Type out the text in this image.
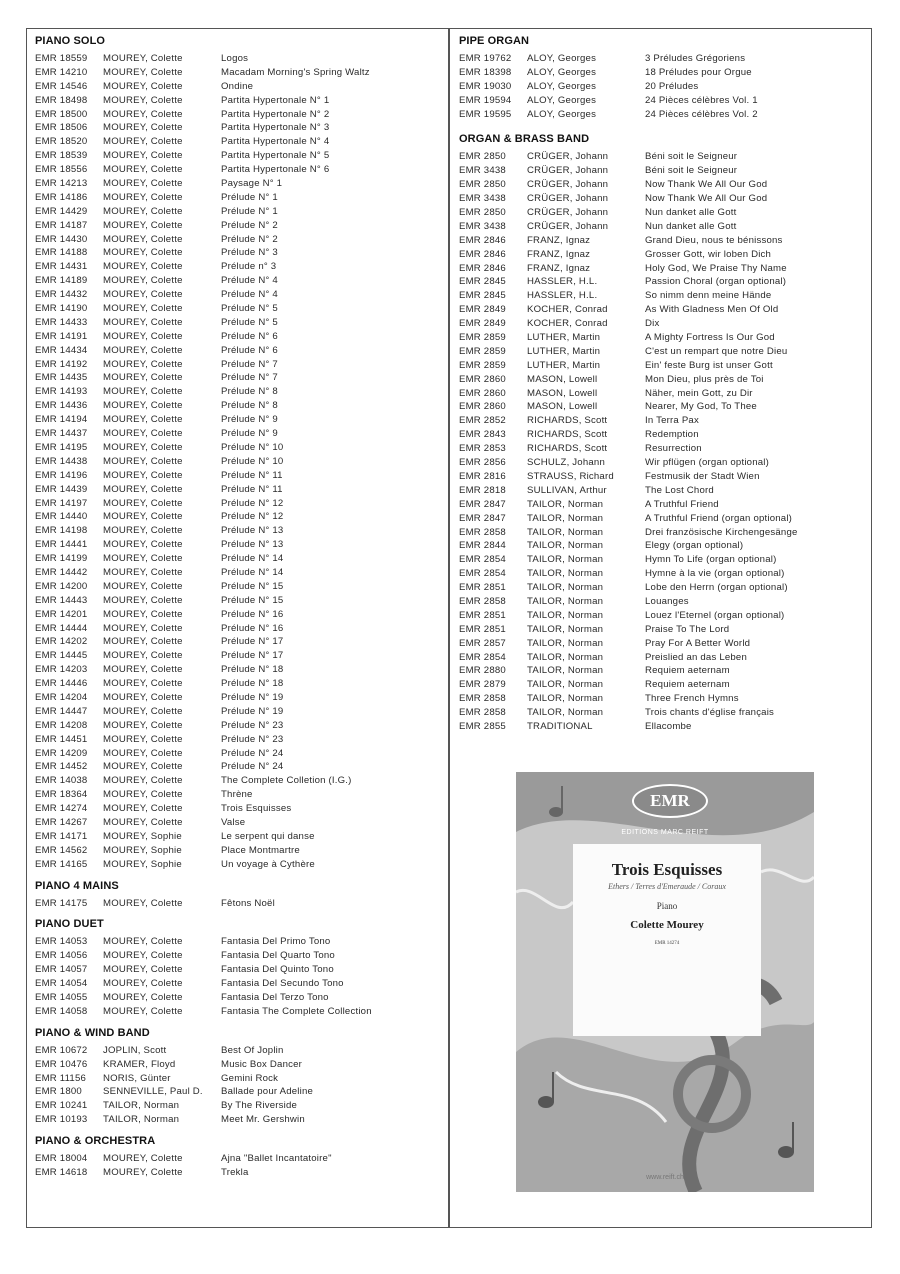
PIANO SOLO
EMR 18559	MOUREY, Colette	Logos
EMR 14210	MOUREY, Colette	Macadam Morning's Spring Waltz
EMR 14546	MOUREY, Colette	Ondine
EMR 18498	MOUREY, Colette	Partita Hypertonale N° 1
EMR 18500	MOUREY, Colette	Partita Hypertonale N° 2
EMR 18506	MOUREY, Colette	Partita Hypertonale N° 3
EMR 18520	MOUREY, Colette	Partita Hypertonale N° 4
EMR 18539	MOUREY, Colette	Partita Hypertonale N° 5
EMR 18556	MOUREY, Colette	Partita Hypertonale N° 6
EMR 14213	MOUREY, Colette	Paysage N° 1
EMR 14186	MOUREY, Colette	Prélude N° 1
EMR 14429	MOUREY, Colette	Prélude N° 1
EMR 14187	MOUREY, Colette	Prélude N° 2
EMR 14430	MOUREY, Colette	Prélude N° 2
EMR 14188	MOUREY, Colette	Prélude N° 3
EMR 14431	MOUREY, Colette	Prélude n° 3
EMR 14189	MOUREY, Colette	Prélude N° 4
EMR 14432	MOUREY, Colette	Prélude N° 4
EMR 14190	MOUREY, Colette	Prélude N° 5
EMR 14433	MOUREY, Colette	Prélude N° 5
EMR 14191	MOUREY, Colette	Prélude N° 6
EMR 14434	MOUREY, Colette	Prélude N° 6
EMR 14192	MOUREY, Colette	Prélude N° 7
EMR 14435	MOUREY, Colette	Prélude N° 7
EMR 14193	MOUREY, Colette	Prélude N° 8
EMR 14436	MOUREY, Colette	Prélude N° 8
EMR 14194	MOUREY, Colette	Prélude N° 9
EMR 14437	MOUREY, Colette	Prélude N° 9
EMR 14195	MOUREY, Colette	Prélude N° 10
EMR 14438	MOUREY, Colette	Prélude N° 10
EMR 14196	MOUREY, Colette	Prélude N° 11
EMR 14439	MOUREY, Colette	Prélude N° 11
EMR 14197	MOUREY, Colette	Prélude N° 12
EMR 14440	MOUREY, Colette	Prélude N° 12
EMR 14198	MOUREY, Colette	Prélude N° 13
EMR 14441	MOUREY, Colette	Prélude N° 13
EMR 14199	MOUREY, Colette	Prélude N° 14
EMR 14442	MOUREY, Colette	Prélude N° 14
EMR 14200	MOUREY, Colette	Prélude N° 15
EMR 14443	MOUREY, Colette	Prélude N° 15
EMR 14201	MOUREY, Colette	Prélude N° 16
EMR 14444	MOUREY, Colette	Prélude N° 16
EMR 14202	MOUREY, Colette	Prélude N° 17
EMR 14445	MOUREY, Colette	Prélude N° 17
EMR 14203	MOUREY, Colette	Prélude N° 18
EMR 14446	MOUREY, Colette	Prélude N° 18
EMR 14204	MOUREY, Colette	Prélude N° 19
EMR 14447	MOUREY, Colette	Prélude N° 19
EMR 14208	MOUREY, Colette	Prélude N° 23
EMR 14451	MOUREY, Colette	Prélude N° 23
EMR 14209	MOUREY, Colette	Prélude N° 24
EMR 14452	MOUREY, Colette	Prélude N° 24
EMR 14038	MOUREY, Colette	The Complete Colletion (I.G.)
EMR 18364	MOUREY, Colette	Thrène
EMR 14274	MOUREY, Colette	Trois Esquisses
EMR 14267	MOUREY, Colette	Valse
EMR 14171	MOUREY, Sophie	Le serpent qui danse
EMR 14562	MOUREY, Sophie	Place Montmartre
EMR 14165	MOUREY, Sophie	Un voyage à Cythère
PIANO 4 MAINS
EMR 14175	MOUREY, Colette	Fêtons Noël
PIANO DUET
EMR 14053	MOUREY, Colette	Fantasia Del Primo Tono
EMR 14056	MOUREY, Colette	Fantasia Del Quarto Tono
EMR 14057	MOUREY, Colette	Fantasia Del Quinto Tono
EMR 14054	MOUREY, Colette	Fantasia Del Secundo Tono
EMR 14055	MOUREY, Colette	Fantasia Del Terzo Tono
EMR 14058	MOUREY, Colette	Fantasia The Complete Collection
PIANO & WIND BAND
EMR 10672	JOPLIN, Scott	Best Of Joplin
EMR 10476	KRAMER, Floyd	Music Box Dancer
EMR 11156	NORIS, Günter	Gemini Rock
EMR 1800	SENNEVILLE, Paul D.	Ballade pour Adeline
EMR 10241	TAILOR, Norman	By The Riverside
EMR 10193	TAILOR, Norman	Meet Mr. Gershwin
PIANO & ORCHESTRA
EMR 18004	MOUREY, Colette	Ajna "Ballet Incantatoire"
EMR 14618	MOUREY, Colette	Trekla
PIPE ORGAN
EMR 19762	ALOY, Georges	3 Préludes Grégoriens
EMR 18398	ALOY, Georges	18 Préludes pour Orgue
EMR 19030	ALOY, Georges	20 Préludes
EMR 19594	ALOY, Georges	24 Pièces célèbres Vol. 1
EMR 19595	ALOY, Georges	24 Pièces célèbres Vol. 2
ORGAN & BRASS BAND
EMR 2850	CRÜGER, Johann	Béni soit le Seigneur
EMR 3438	CRÜGER, Johann	Béni soit le Seigneur
EMR 2850	CRÜGER, Johann	Now Thank We All Our God
EMR 3438	CRÜGER, Johann	Now Thank We All Our God
EMR 2850	CRÜGER, Johann	Nun danket alle Gott
EMR 3438	CRÜGER, Johann	Nun danket alle Gott
EMR 2846	FRANZ, Ignaz	Grand Dieu, nous te bénissons
EMR 2846	FRANZ, Ignaz	Grosser Gott, wir loben Dich
EMR 2846	FRANZ, Ignaz	Holy God, We Praise Thy Name
EMR 2845	HASSLER, H.L.	Passion Choral (organ optional)
EMR 2845	HASSLER, H.L.	So nimm denn meine Hände
EMR 2849	KOCHER, Conrad	As With Gladness Men Of Old
EMR 2849	KOCHER, Conrad	Dix
EMR 2859	LUTHER, Martin	A Mighty Fortress Is Our God
EMR 2859	LUTHER, Martin	C'est un rempart que notre Dieu
EMR 2859	LUTHER, Martin	Ein' feste Burg ist unser Gott
EMR 2860	MASON, Lowell	Mon Dieu, plus près de Toi
EMR 2860	MASON, Lowell	Näher, mein Gott, zu Dir
EMR 2860	MASON, Lowell	Nearer, My God, To Thee
EMR 2852	RICHARDS, Scott	In Terra Pax
EMR 2843	RICHARDS, Scott	Redemption
EMR 2853	RICHARDS, Scott	Resurrection
EMR 2856	SCHULZ, Johann	Wir pflügen (organ optional)
EMR 2816	STRAUSS, Richard	Festmusik der Stadt Wien
EMR 2818	SULLIVAN, Arthur	The Lost Chord
EMR 2847	TAILOR, Norman	A Truthful Friend
EMR 2847	TAILOR, Norman	A Truthful Friend (organ optional)
EMR 2858	TAILOR, Norman	Drei französische Kirchengesänge
EMR 2844	TAILOR, Norman	Elegy (organ optional)
EMR 2854	TAILOR, Norman	Hymn To Life (organ optional)
EMR 2854	TAILOR, Norman	Hymne à la vie (organ optional)
EMR 2851	TAILOR, Norman	Lobe den Herrn (organ optional)
EMR 2858	TAILOR, Norman	Louanges
EMR 2851	TAILOR, Norman	Louez l'Eternel (organ optional)
EMR 2851	TAILOR, Norman	Praise To The Lord
EMR 2857	TAILOR, Norman	Pray For A Better World
EMR 2854	TAILOR, Norman	Preislied an das Leben
EMR 2880	TAILOR, Norman	Requiem aeternam
EMR 2879	TAILOR, Norman	Requiem aeternam
EMR 2858	TAILOR, Norman	Three French Hymns
EMR 2858	TAILOR, Norman	Trois chants d'église français
EMR 2855	TRADITIONAL	Ellacombe
EMR
EDITIONS MARC REIFT
Trois Esquisses
Ethers / Terres d'Emeraude / Coraux
Piano
Colette Mourey
EMR 14274
www.reift.ch
